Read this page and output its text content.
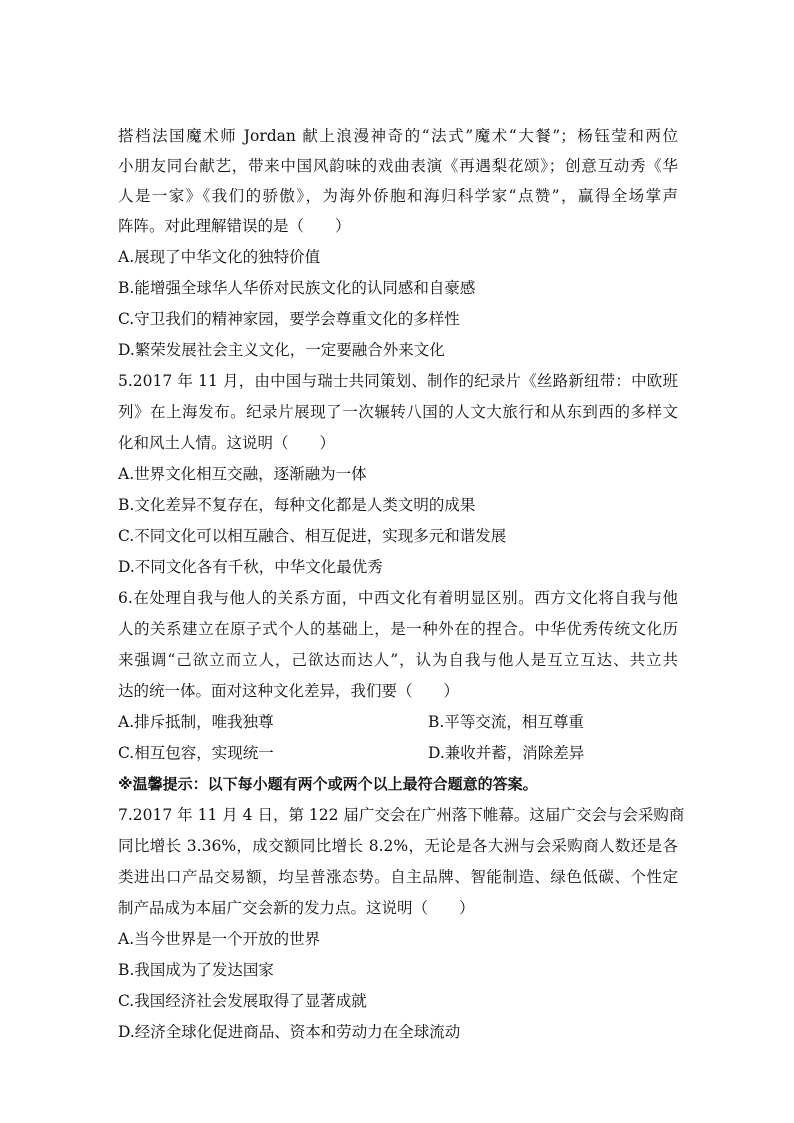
搭档法国魔术师 Jordan 献上浪漫神奇的“法式”魔术“大餐”；杨钰莹和两位
小朋友同台献艺，带来中国风韵味的戏曲表演《再遇梨花颂》；创意互动秀《华
人是一家》《我们的骄傲》，为海外侨胞和海归科学家“点赞”，赢得全场掌声
阵阵。对此理解错误的是（　　）
A.展现了中华文化的独特价值
B.能增强全球华人华侨对民族文化的认同感和自豪感
C.守卫我们的精神家园，要学会尊重文化的多样性
D.繁荣发展社会主义文化，一定要融合外来文化
5.2017 年 11 月，由中国与瑞士共同策划、制作的纪录片《丝路新纽带：中欧班
列》在上海发布。纪录片展现了一次辗转八国的人文大旅行和从东到西的多样文
化和风土人情。这说明（　　）
A.世界文化相互交融，逐渐融为一体
B.文化差异不复存在，每种文化都是人类文明的成果
C.不同文化可以相互融合、相互促进，实现多元和谐发展
D.不同文化各有千秋，中华文化最优秀
6.在处理自我与他人的关系方面，中西文化有着明显区别。西方文化将自我与他
人的关系建立在原子式个人的基础上，是一种外在的捏合。中华优秀传统文化历
来强调“己欲立而立人，己欲达而达人”，认为自我与他人是互立互达、共立共
达的统一体。面对这种文化差异，我们要（　　）
A.排斥抵制，唯我独尊	B.平等交流，相互尊重
C.相互包容，实现统一	D.兼收并蓄，消除差异
※温馨提示：以下每小题有两个或两个以上最符合题意的答案。
7.2017 年 11 月 4 日，第 122 届广交会在广州落下帷幕。这届广交会与会采购商
同比增长 3.36%，成交额同比增长 8.2%，无论是各大洲与会采购商人数还是各
类进出口产品交易额，均呈普涨态势。自主品牌、智能制造、绿色低碳、个性定
制产品成为本届广交会新的发力点。这说明（　　）
A.当今世界是一个开放的世界
B.我国成为了发达国家
C.我国经济社会发展取得了显著成就
D.经济全球化促进商品、资本和劳动力在全球流动
